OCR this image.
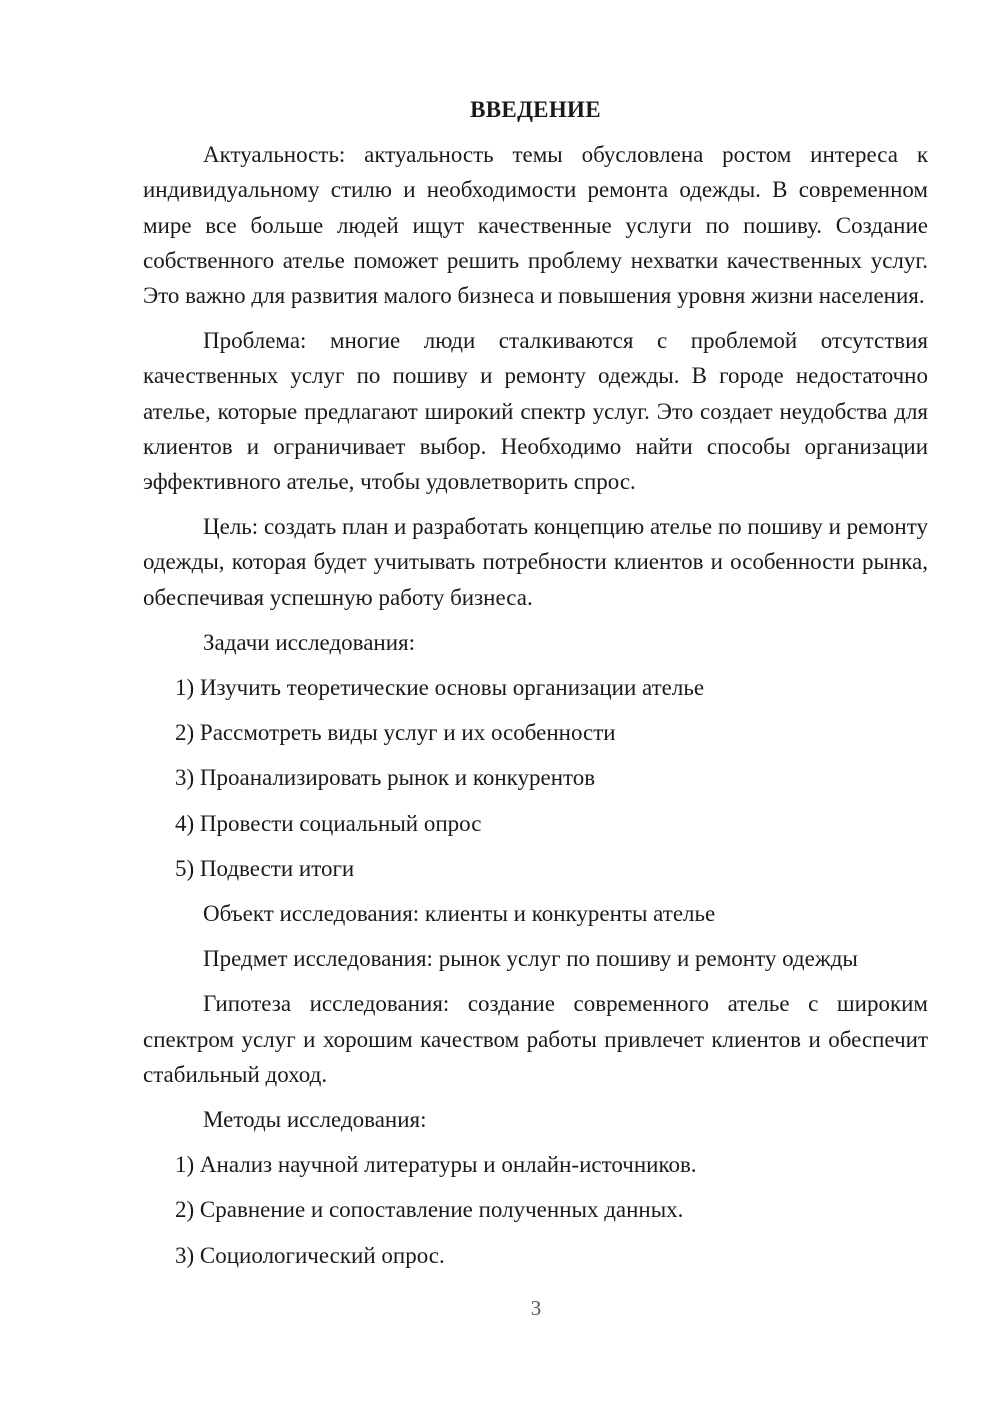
ВВЕДЕНИЕ

Актуальность: актуальность темы обусловлена ростом интереса к индивидуальному стилю и необходимости ремонта одежды. В современном мире все больше людей ищут качественные услуги по пошиву. Создание собственного ателье поможет решить проблему нехватки качественных услуг. Это важно для развития малого бизнеса и повышения уровня жизни населения.

Проблема: многие люди сталкиваются с проблемой отсутствия качественных услуг по пошиву и ремонту одежды. В городе недостаточно ателье, которые предлагают широкий спектр услуг. Это создает неудобства для клиентов и ограничивает выбор. Необходимо найти способы организации эффективного ателье, чтобы удовлетворить спрос.

Цель: создать план и разработать концепцию ателье по пошиву и ремонту одежды, которая будет учитывать потребности клиентов и особенности рынка, обеспечивая успешную работу бизнеса.

Задачи исследования:

1) Изучить теоретические основы организации ателье
2) Рассмотреть виды услуг и их особенности
3) Проанализировать рынок и конкурентов
4) Провести социальный опрос
5) Подвести итоги

Объект исследования: клиенты и конкуренты ателье

Предмет исследования: рынок услуг по пошиву и ремонту одежды

Гипотеза исследования: создание современного ателье с широким спектром услуг и хорошим качеством работы привлечет клиентов и обеспечит стабильный доход.

Методы исследования:

1) Анализ научной литературы и онлайн-источников.
2) Сравнение и сопоставление полученных данных.
3) Социологический опрос.
3
